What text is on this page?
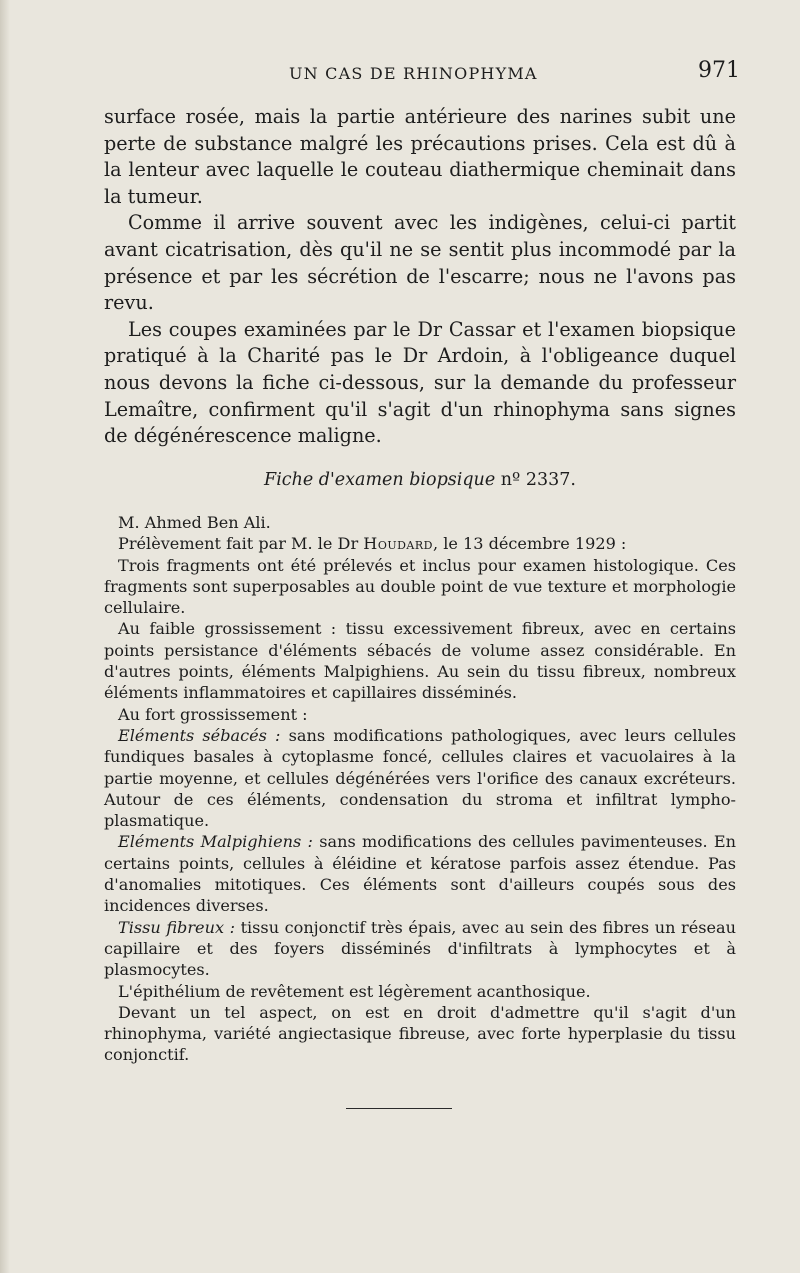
UN CAS DE RHINOPHYMA	971

surface rosée, mais la partie antérieure des narines subit une perte de substance malgré les précautions prises. Cela est dû à la lenteur avec laquelle le couteau diathermique cheminait dans la tumeur.

Comme il arrive souvent avec les indigènes, celui-ci partit avant cicatrisation, dès qu'il ne se sentit plus incommodé par la présence et par les sécrétion de l'escarre; nous ne l'avons pas revu.

Les coupes examinées par le Dr Cassar et l'examen biopsique pratiqué à la Charité pas le Dr Ardoin, à l'obligeance duquel nous devons la fiche ci-dessous, sur la demande du professeur Lemaître, confirment qu'il s'agit d'un rhinophyma sans signes de dégénérescence maligne.

Fiche d'examen biopsique nº 2337.

M. Ahmed Ben Ali.

Prélèvement fait par M. le Dr Houdard, le 13 décembre 1929 :

Trois fragments ont été prélevés et inclus pour examen histologique. Ces fragments sont superposables au double point de vue texture et morphologie cellulaire.

Au faible grossissement : tissu excessivement fibreux, avec en certains points persistance d'éléments sébacés de volume assez considérable. En d'autres points, éléments Malpighiens. Au sein du tissu fibreux, nombreux éléments inflammatoires et capillaires disséminés.

Au fort grossissement :

Eléments sébacés : sans modifications pathologiques, avec leurs cellules fundiques basales à cytoplasme foncé, cellules claires et vacuolaires à la partie moyenne, et cellules dégénérées vers l'orifice des canaux excréteurs. Autour de ces éléments, condensation du stroma et infiltrat lympho-plasmatique.

Eléments Malpighiens : sans modifications des cellules pavimenteuses. En certains points, cellules à éléidine et kératose parfois assez étendue. Pas d'anomalies mitotiques. Ces éléments sont d'ailleurs coupés sous des incidences diverses.

Tissu fibreux : tissu conjonctif très épais, avec au sein des fibres un réseau capillaire et des foyers disséminés d'infiltrats à lymphocytes et à plasmocytes.

L'épithélium de revêtement est légèrement acanthosique.

Devant un tel aspect, on est en droit d'admettre qu'il s'agit d'un rhinophyma, variété angiectasique fibreuse, avec forte hyperplasie du tissu conjonctif.
